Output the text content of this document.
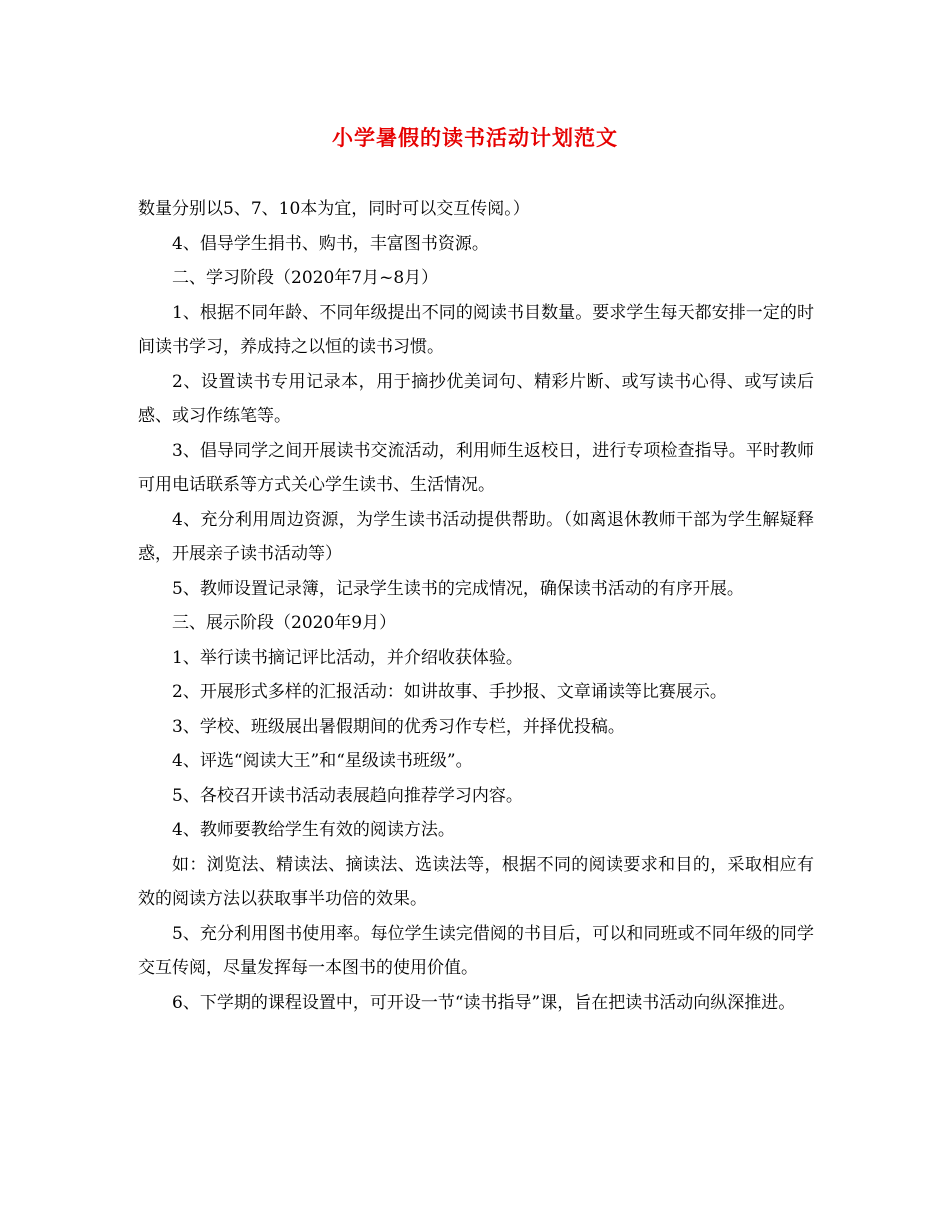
小学暑假的读书活动计划范文

数量分别以5、7、10本为宜，同时可以交互传阅。）

4、倡导学生捐书、购书，丰富图书资源。

二、学习阶段（2020年7月~8月）

1、根据不同年龄、不同年级提出不同的阅读书目数量。要求学生每天都安排一定的时间读书学习，养成持之以恒的读书习惯。

2、设置读书专用记录本，用于摘抄优美词句、精彩片断、或写读书心得、或写读后感、或习作练笔等。

3、倡导同学之间开展读书交流活动，利用师生返校日，进行专项检查指导。平时教师可用电话联系等方式关心学生读书、生活情况。

4、充分利用周边资源，为学生读书活动提供帮助。（如离退休教师干部为学生解疑释惑，开展亲子读书活动等）

5、教师设置记录簿，记录学生读书的完成情况，确保读书活动的有序开展。

三、展示阶段（2020年9月）

1、举行读书摘记评比活动，并介绍收获体验。

2、开展形式多样的汇报活动：如讲故事、手抄报、文章诵读等比赛展示。

3、学校、班级展出暑假期间的优秀习作专栏，并择优投稿。

4、评选“阅读大王”和“星级读书班级”。

5、各校召开读书活动表展趋向推荐学习内容。

4、教师要教给学生有效的阅读方法。

如：浏览法、精读法、摘读法、选读法等，根据不同的阅读要求和目的，采取相应有效的阅读方法以获取事半功倍的效果。

5、充分利用图书使用率。每位学生读完借阅的书目后，可以和同班或不同年级的同学交互传阅，尽量发挥每一本图书的使用价值。

6、下学期的课程设置中，可开设一节“读书指导”课，旨在把读书活动向纵深推进。
